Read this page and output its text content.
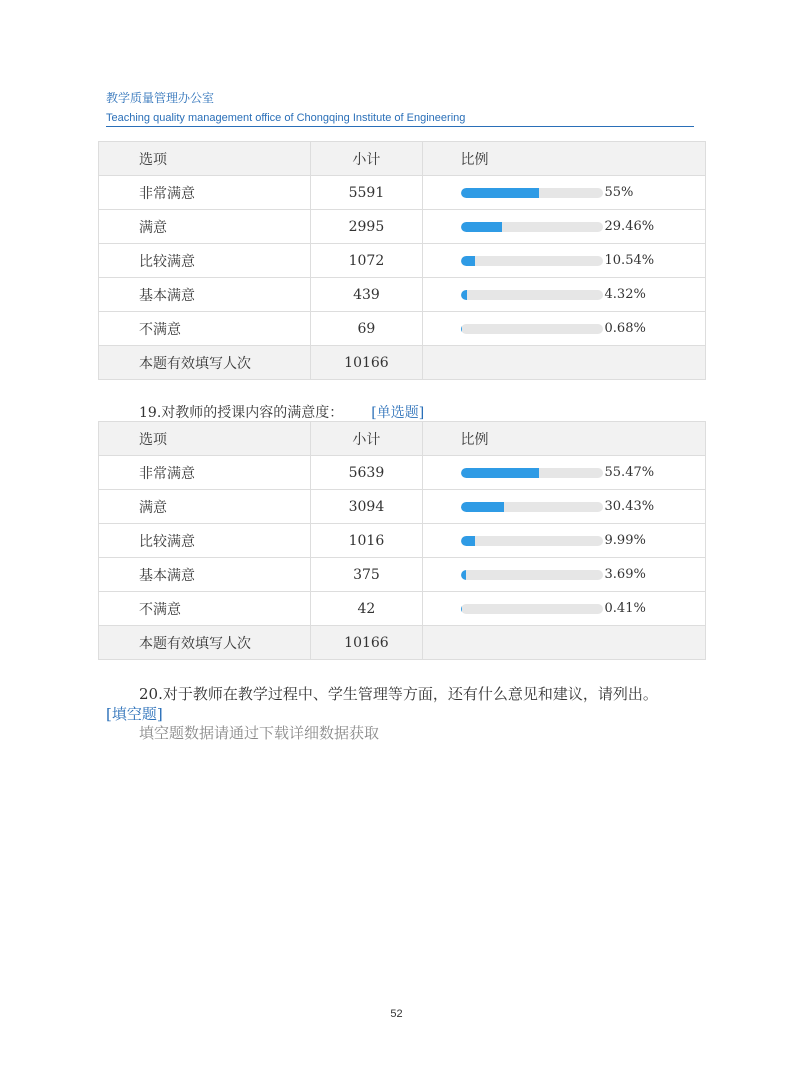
教学质量管理办公室
Teaching quality management office of Chongqing Institute of Engineering
选项	小计	比例
非常满意	5591	55%

满意	2995	29.46%

比较满意	1072	10.54%

基本满意	439	4.32%

不满意	69	0.68%

本题有效填写人次	10166	
19.对教师的授课内容的满意度： [单选题]
选项	小计	比例
非常满意	5639	55.47%

满意	3094	30.43%

比较满意	1016	9.99%

基本满意	375	3.69%

不满意	42	0.41%

本题有效填写人次	10166	
20.对于教师在教学过程中、学生管理等方面，还有什么意见和建议，请列出。
[填空题]
填空题数据请通过下载详细数据获取
52
